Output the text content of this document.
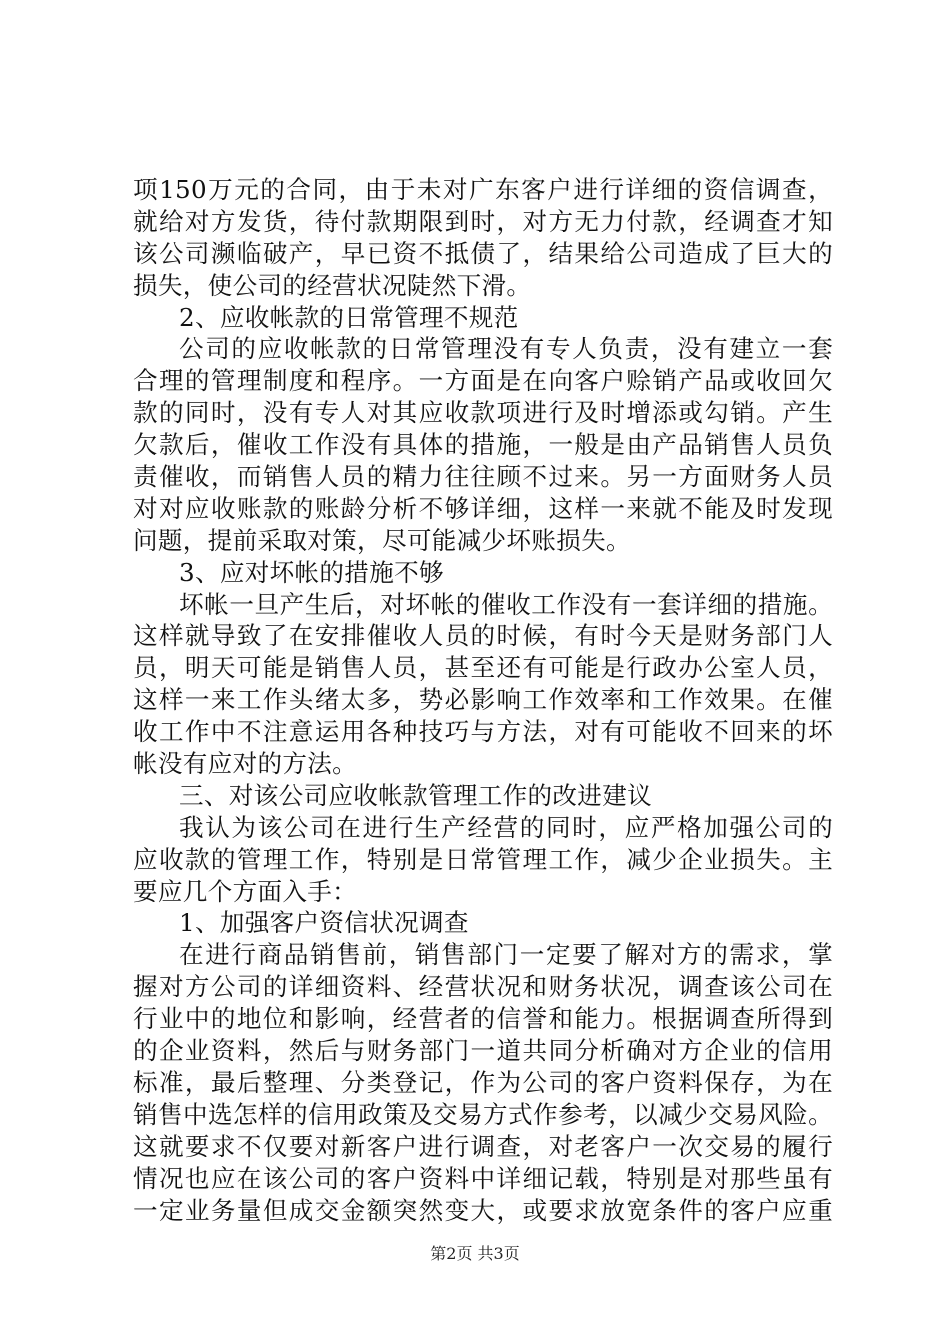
项150万元的合同，由于未对广东客户进行详细的资信调查，
就给对方发货，待付款期限到时，对方无力付款，经调查才知
该公司濒临破产，早已资不抵债了，结果给公司造成了巨大的
损失，使公司的经营状况陡然下滑。
2、应收帐款的日常管理不规范
公司的应收帐款的日常管理没有专人负责，没有建立一套
合理的管理制度和程序。一方面是在向客户赊销产品或收回欠
款的同时，没有专人对其应收款项进行及时增添或勾销。产生
欠款后，催收工作没有具体的措施，一般是由产品销售人员负
责催收，而销售人员的精力往往顾不过来。另一方面财务人员
对对应收账款的账龄分析不够详细，这样一来就不能及时发现
问题，提前采取对策，尽可能减少坏账损失。
3、应对坏帐的措施不够
坏帐一旦产生后，对坏帐的催收工作没有一套详细的措施。
这样就导致了在安排催收人员的时候，有时今天是财务部门人
员，明天可能是销售人员，甚至还有可能是行政办公室人员，
这样一来工作头绪太多，势必影响工作效率和工作效果。在催
收工作中不注意运用各种技巧与方法，对有可能收不回来的坏
帐没有应对的方法。
三、对该公司应收帐款管理工作的改进建议
我认为该公司在进行生产经营的同时，应严格加强公司的
应收款的管理工作，特别是日常管理工作，减少企业损失。主
要应几个方面入手：
1、加强客户资信状况调查
在进行商品销售前，销售部门一定要了解对方的需求，掌
握对方公司的详细资料、经营状况和财务状况，调查该公司在
行业中的地位和影响，经营者的信誉和能力。根据调查所得到
的企业资料，然后与财务部门一道共同分析确对方企业的信用
标准，最后整理、分类登记，作为公司的客户资料保存，为在
销售中选怎样的信用政策及交易方式作参考，以减少交易风险。
这就要求不仅要对新客户进行调查，对老客户一次交易的履行
情况也应在该公司的客户资料中详细记载，特别是对那些虽有
一定业务量但成交金额突然变大，或要求放宽条件的客户应重
第2页 共3页
